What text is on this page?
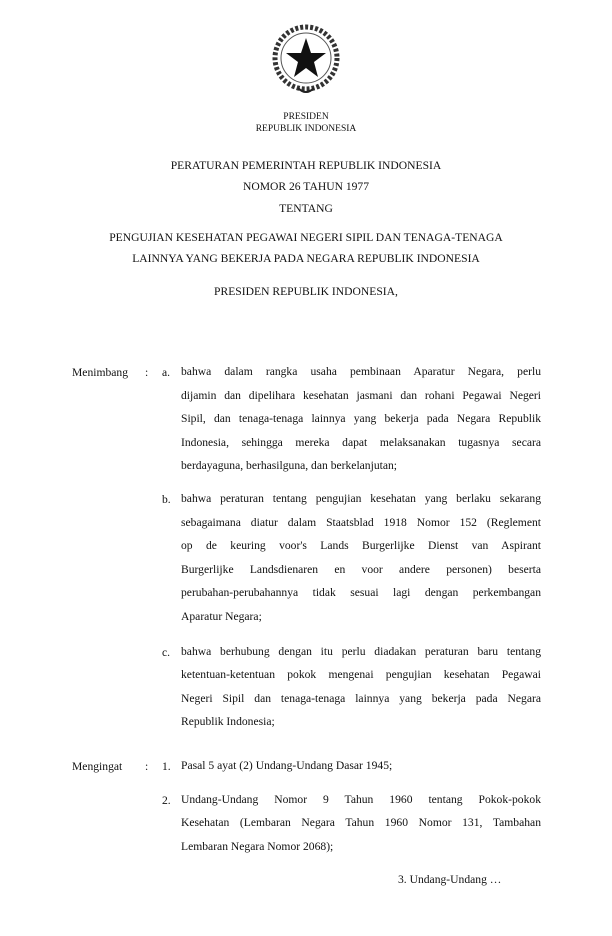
PRESIDEN
REPUBLIK INDONESIA
PERATURAN PEMERINTAH REPUBLIK INDONESIA
NOMOR 26 TAHUN 1977
TENTANG
PENGUJIAN KESEHATAN PEGAWAI NEGERI SIPIL DAN TENAGA-TENAGA
LAINNYA YANG BEKERJA PADA NEGARA REPUBLIK INDONESIA
PRESIDEN REPUBLIK INDONESIA,
Menimbang : a. bahwa dalam rangka usaha pembinaan Aparatur Negara, perlu
dijamin dan dipelihara kesehatan jasmani dan rohani Pegawai Negeri
Sipil, dan tenaga-tenaga lainnya yang bekerja pada Negara Republik
Indonesia, sehingga mereka dapat melaksanakan tugasnya secara
berdayaguna, berhasilguna, dan berkelanjutan;
b. bahwa peraturan tentang pengujian kesehatan yang berlaku sekarang
sebagaimana diatur dalam Staatsblad 1918 Nomor 152 (Reglement
op de keuring voor's Lands Burgerlijke Dienst van Aspirant
Burgerlijke Landsdienaren en voor andere personen) beserta
perubahan-perubahannya tidak sesuai lagi dengan perkembangan
Aparatur Negara;
c. bahwa berhubung dengan itu perlu diadakan peraturan baru tentang
ketentuan-ketentuan pokok mengenai pengujian kesehatan Pegawai
Negeri Sipil dan tenaga-tenaga lainnya yang bekerja pada Negara
Republik Indonesia;
Mengingat : 1. Pasal 5 ayat (2) Undang-Undang Dasar 1945;
2. Undang-Undang Nomor 9 Tahun 1960 tentang Pokok-pokok
Kesehatan (Lembaran Negara Tahun 1960 Nomor 131, Tambahan
Lembaran Negara Nomor 2068);
3. Undang-Undang …
